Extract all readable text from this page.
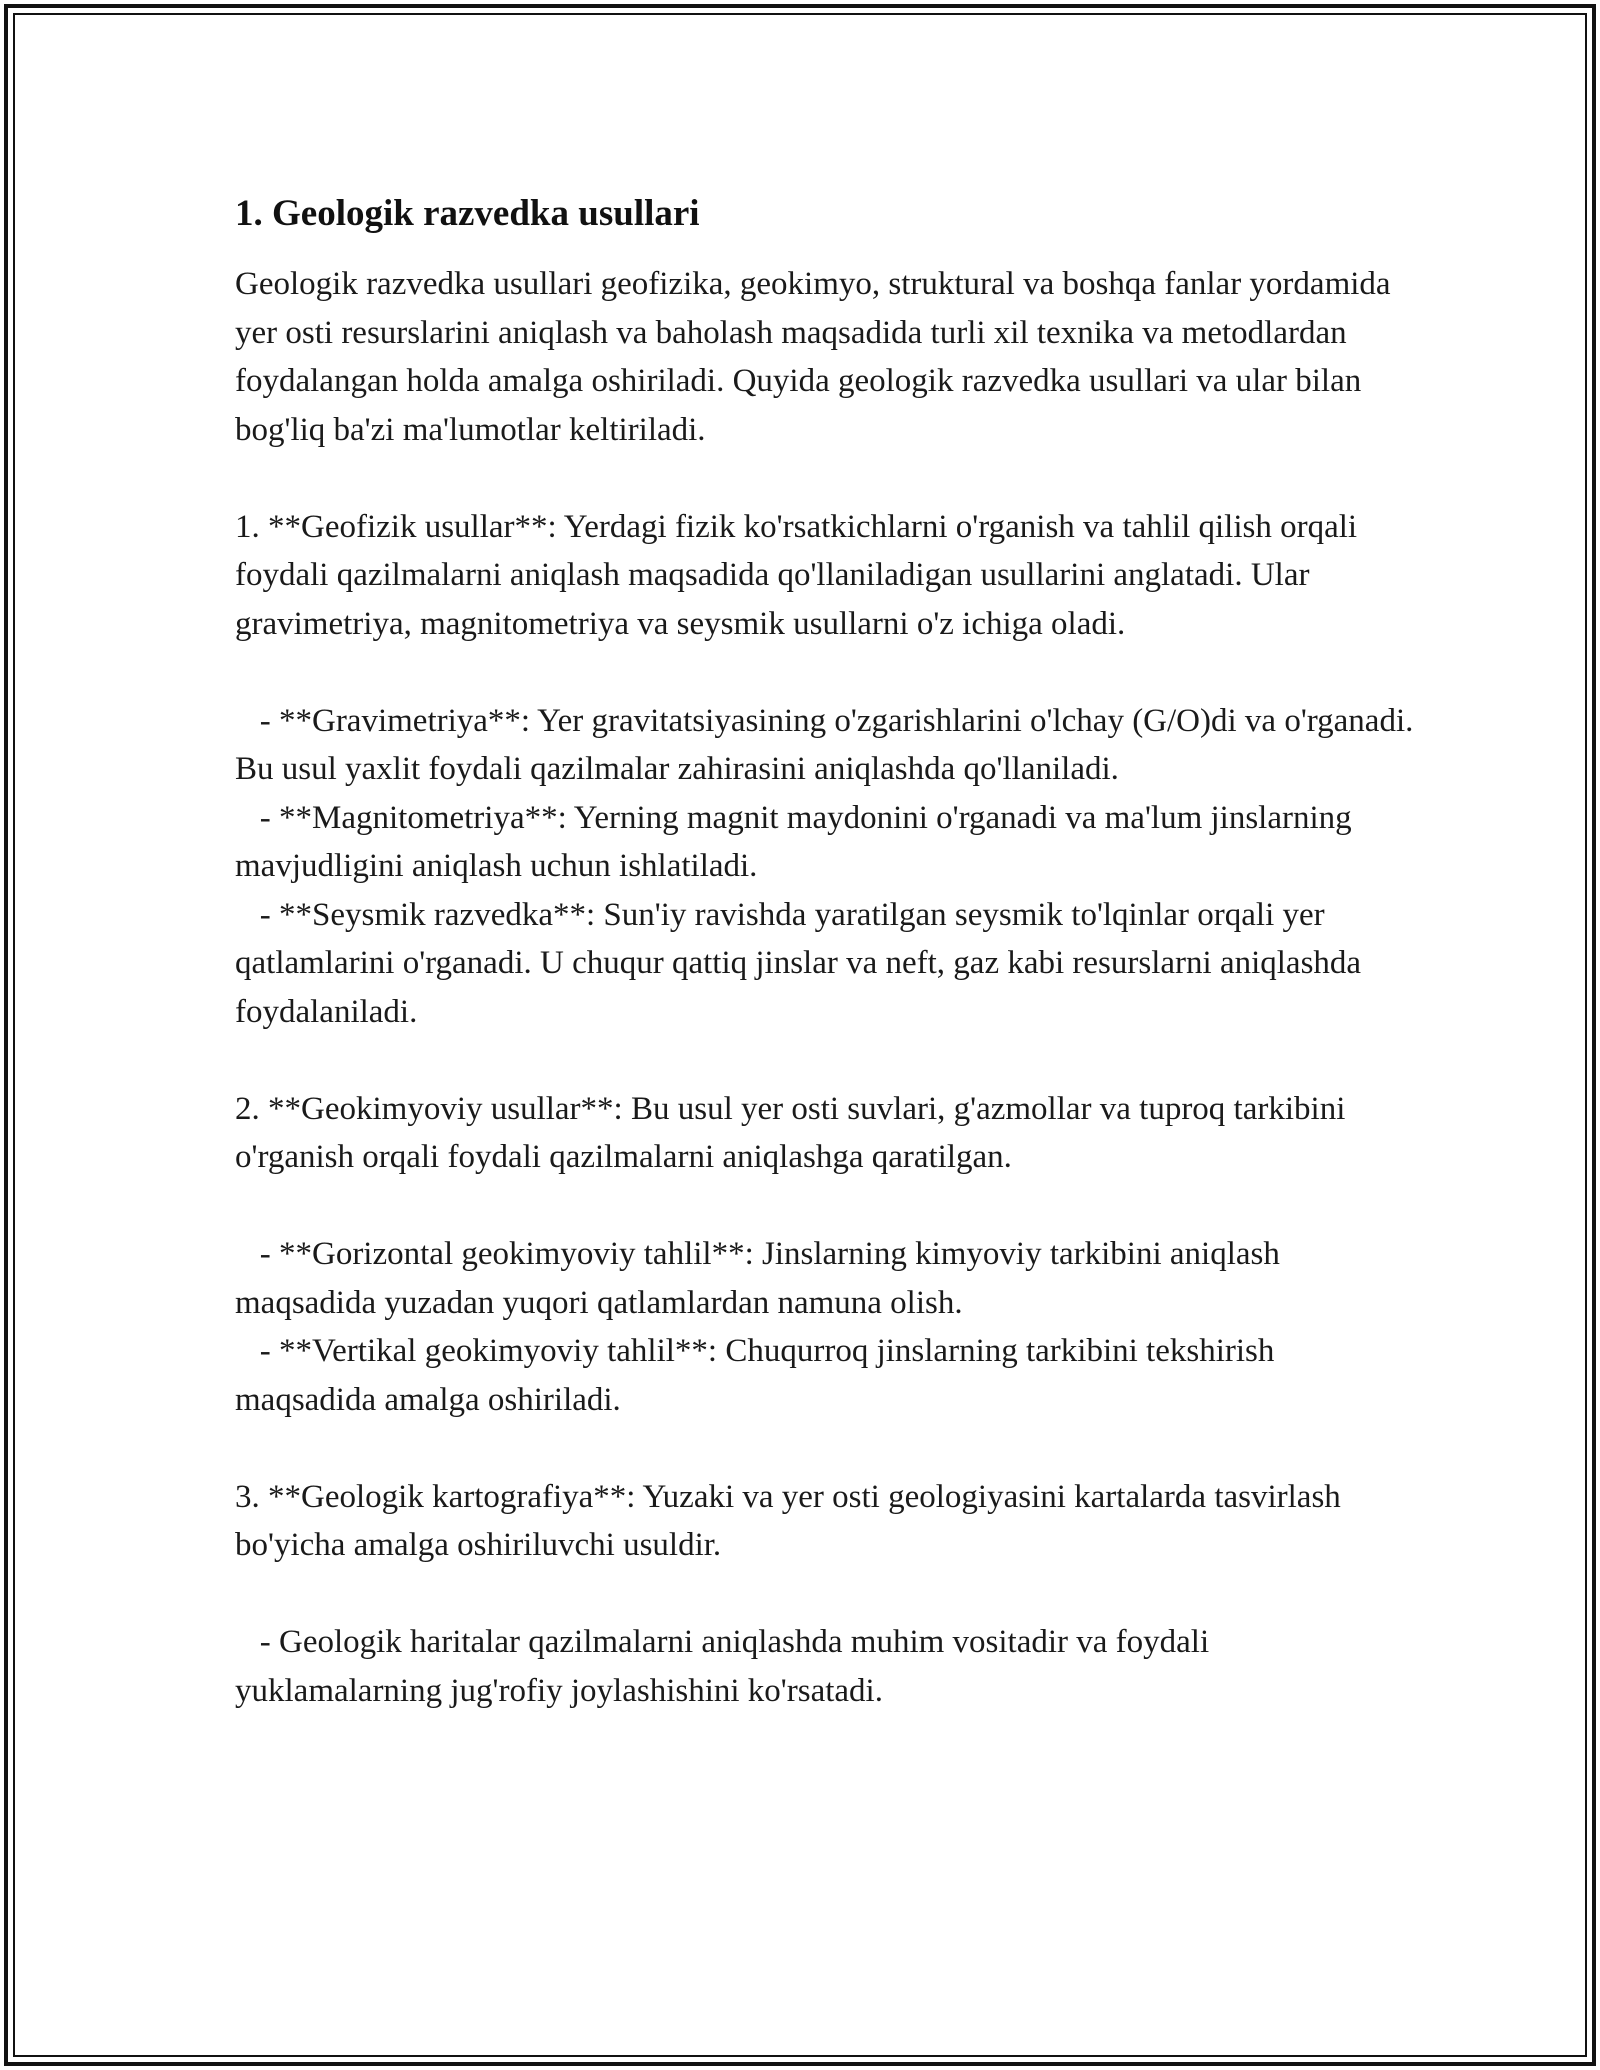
1. Geologik razvedka usullari

Geologik razvedka usullari geofizika, geokimyo, struktural va boshqa fanlar yordamida yer osti resurslarini aniqlash va baholash maqsadida turli xil texnika va metodlardan foydalangan holda amalga oshiriladi. Quyida geologik razvedka usullari va ular bilan bog'liq ba'zi ma'lumotlar keltiriladi.

1. **Geofizik usullar**: Yerdagi fizik ko'rsatkichlarni o'rganish va tahlil qilish orqali foydali qazilmalarni aniqlash maqsadida qo'llaniladigan usullarini anglatadi. Ular gravimetriya, magnitometriya va seysmik usullarni o'z ichiga oladi.

- **Gravimetriya**: Yer gravitatsiyasining o'zgarishlarini o'lchay (G/O)di va o'rganadi. Bu usul yaxlit foydali qazilmalar zahirasini aniqlashda qo'llaniladi.

- **Magnitometriya**: Yerning magnit maydonini o'rganadi va ma'lum jinslarning mavjudligini aniqlash uchun ishlatiladi.

- **Seysmik razvedka**: Sun'iy ravishda yaratilgan seysmik to'lqinlar orqali yer qatlamlarini o'rganadi. U chuqur qattiq jinslar va neft, gaz kabi resurslarni aniqlashda foydalaniladi.

2. **Geokimyoviy usullar**: Bu usul yer osti suvlari, g'azmollar va tuproq tarkibini o'rganish orqali foydali qazilmalarni aniqlashga qaratilgan.

- **Gorizontal geokimyoviy tahlil**: Jinslarning kimyoviy tarkibini aniqlash maqsadida yuzadan yuqori qatlamlardan namuna olish.

- **Vertikal geokimyoviy tahlil**: Chuqurroq jinslarning tarkibini tekshirish maqsadida amalga oshiriladi.

3. **Geologik kartografiya**: Yuzaki va yer osti geologiyasini kartalarda tasvirlash bo'yicha amalga oshiriluvchi usuldir.

- Geologik haritalar qazilmalarni aniqlashda muhim vositadir va foydali yuklamalarning jug'rofiy joylashishini ko'rsatadi.
